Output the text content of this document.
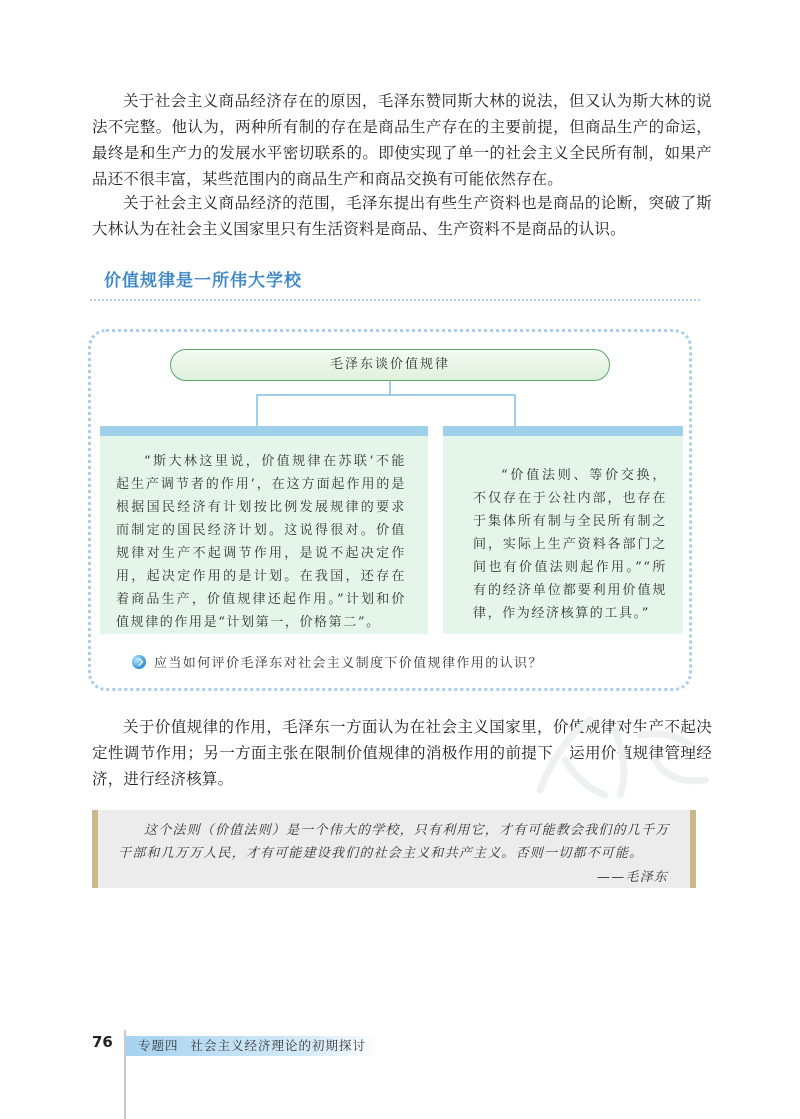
关于社会主义商品经济存在的原因，毛泽东赞同斯大林的说法，但又认为斯大林的说法不完整。他认为，两种所有制的存在是商品生产存在的主要前提，但商品生产的命运，最终是和生产力的发展水平密切联系的。即使实现了单一的社会主义全民所有制，如果产品还不很丰富，某些范围内的商品生产和商品交换有可能依然存在。

关于社会主义商品经济的范围，毛泽东提出有些生产资料也是商品的论断，突破了斯大林认为在社会主义国家里只有生活资料是商品、生产资料不是商品的认识。

价值规律是一所伟大学校
毛泽东谈价值规律

“斯大林这里说，价值规律在苏联‘不能起生产调节者的作用’，在这方面起作用的是根据国民经济有计划按比例发展规律的要求而制定的国民经济计划。这说得很对。价值规律对生产不起调节作用，是说不起决定作用，起决定作用的是计划。在我国，还存在着商品生产，价值规律还起作用。”计划和价值规律的作用是“计划第一，价格第二”。

“价值法则、等价交换，不仅存在于公社内部，也存在于集体所有制与全民所有制之间，实际上生产资料各部门之间也有价值法则起作用。”“所有的经济单位都要利用价值规律，作为经济核算的工具。”

应当如何评价毛泽东对社会主义制度下价值规律作用的认识？

关于价值规律的作用，毛泽东一方面认为在社会主义国家里，价值规律对生产不起决定性调节作用；另一方面主张在限制价值规律的消极作用的前提下，运用价值规律管理经济，进行经济核算。

这个法则（价值法则）是一个伟大的学校，只有利用它，才有可能教会我们的几千万干部和几万万人民，才有可能建设我们的社会主义和共产主义。否则一切都不可能。

——毛泽东

76	专题四 社会主义经济理论的初期探讨
